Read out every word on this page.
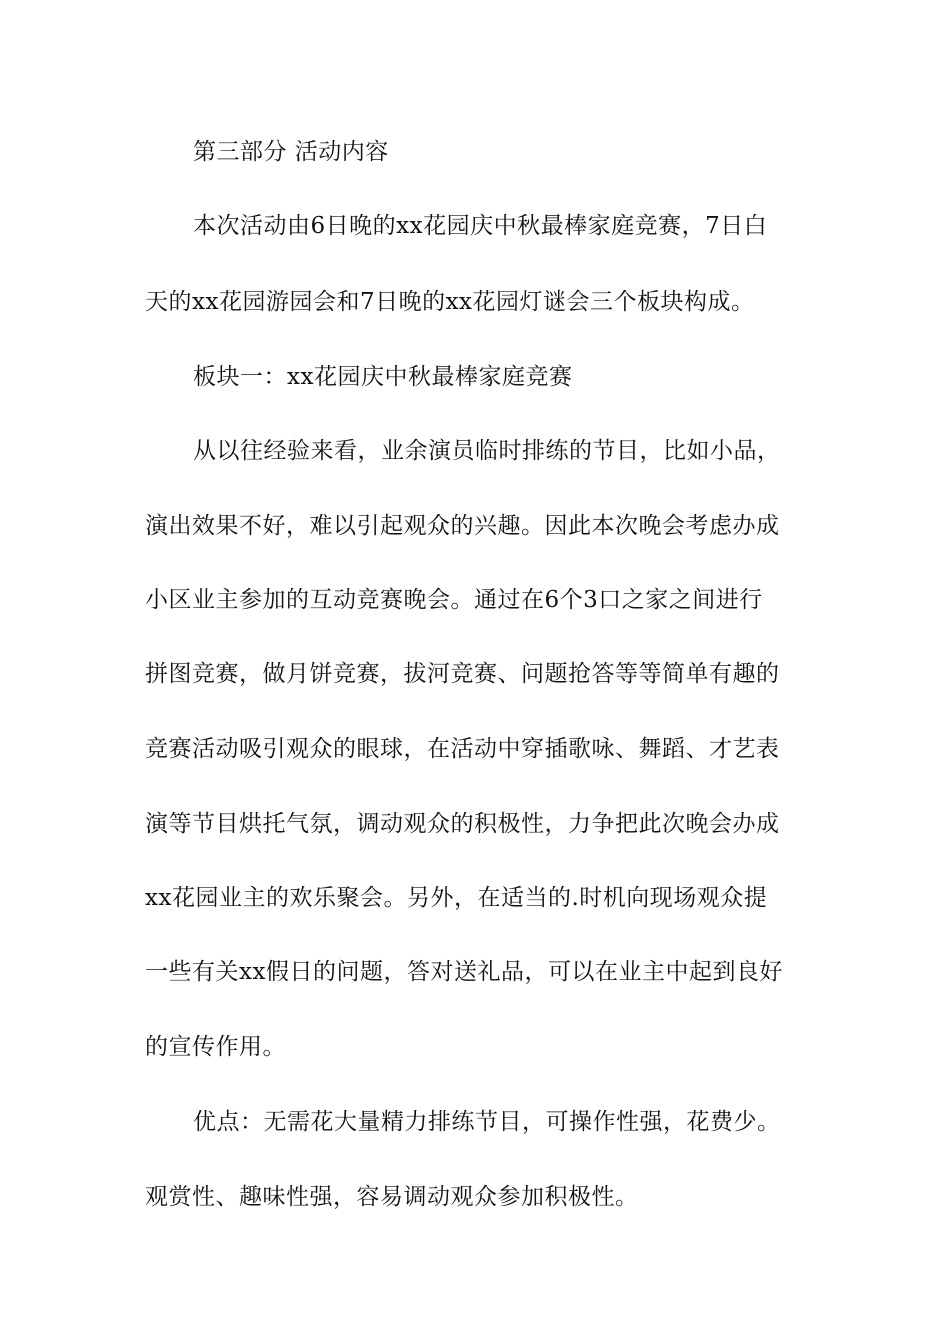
第三部分 活动内容

本次活动由6日晚的xx花园庆中秋最棒家庭竞赛，7日白

天的xx花园游园会和7日晚的xx花园灯谜会三个板块构成。

板块一：xx花园庆中秋最棒家庭竞赛

从以往经验来看，业余演员临时排练的节目，比如小品，

演出效果不好，难以引起观众的兴趣。因此本次晚会考虑办成

小区业主参加的互动竞赛晚会。通过在6个3口之家之间进行

拼图竞赛，做月饼竞赛，拔河竞赛、问题抢答等等简单有趣的

竞赛活动吸引观众的眼球，在活动中穿插歌咏、舞蹈、才艺表

演等节目烘托气氛，调动观众的积极性，力争把此次晚会办成

xx花园业主的欢乐聚会。另外，在适当的.时机向现场观众提

一些有关xx假日的问题，答对送礼品，可以在业主中起到良好

的宣传作用。

优点：无需花大量精力排练节目，可操作性强，花费少。

观赏性、趣味性强，容易调动观众参加积极性。
